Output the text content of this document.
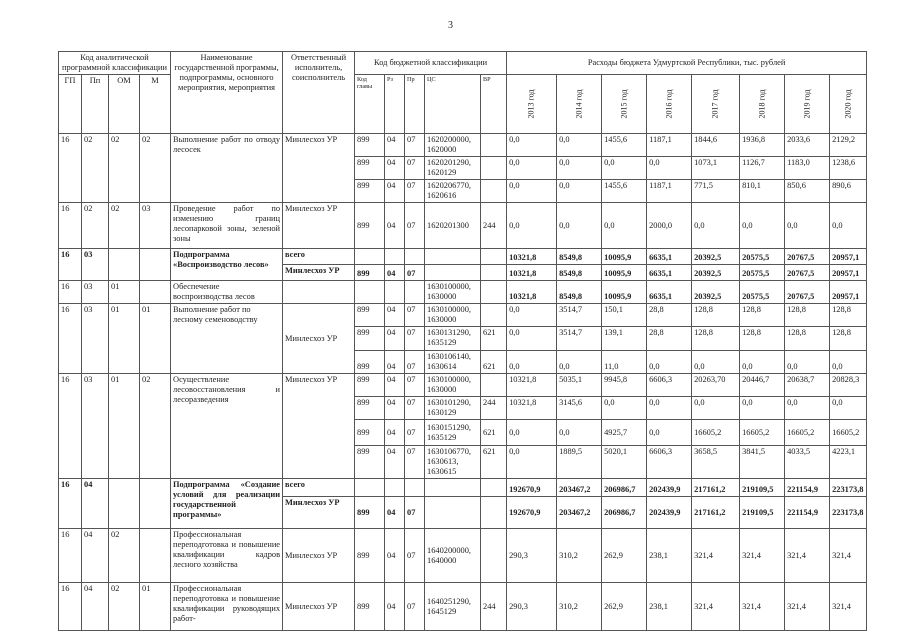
3
Код аналитической программной классификации				Наименование государственной программы, подпрограммы, основного мероприятия, мероприятия	Ответственный исполнитель, соисполнитель	Код бюджетной классификации					Расходы бюджета Удмуртской Республики, тыс. рублей							
ГП	Пп	ОМ	М			Код главы	Рз	Пр	ЦС	ВР	2013 год	2014 год	2015 год	2016 год	2017 год	2018 год	2019 год	2020 год
16	02	02	02	Выполнение работ по отводу лесосек	Минлесхоз УР	899	04	07	1620200000, 1620000		0,0	0,0	1455,6	1187,1	1844,6	1936,8	2033,6	2129,2
						899	04	07	1620201290, 1620129		0,0	0,0	0,0	0,0	1073,1	1126,7	1183,0	1238,6
						899	04	07	1620206770, 1620616		0,0	0,0	1455,6	1187,1	771,5	810,1	850,6	890,6
16	02	02	03	Проведение работ по изменению границ лесопарковой зоны, зеленой зоны	Минлесхоз УР	899	04	07	1620201300	244	0,0	0,0	0,0	2000,0	0,0	0,0	0,0	0,0
16	03			Подпрограмма «Воспроизводство лесов»	всего						10321,8	8549,8	10095,9	6635,1	20392,5	20575,5	20767,5	20957,1
					Минлесхоз УР	899	04	07			10321,8	8549,8	10095,9	6635,1	20392,5	20575,5	20767,5	20957,1
16	03	01		Обеспечение воспроизводства лесов					1630100000, 1630000		10321,8	8549,8	10095,9	6635,1	20392,5	20575,5	20767,5	20957,1
16	03	01	01	Выполнение работ по лесному семеноводству	Минлесхоз УР	899	04	07	1630100000, 1630000		0,0	3514,7	150,1	28,8	128,8	128,8	128,8	128,8
						899	04	07	1630131290, 1635129	621	0,0	3514,7	139,1	28,8	128,8	128,8	128,8	128,8
						899	04	07	1630106140, 1630614	621	0,0	0,0	11,0	0,0	0,0	0,0	0,0	0,0
16	03	01	02	Осуществление лесовосстановления и лесоразведения	Минлесхоз УР	899	04	07	1630100000, 1630000		10321,8	5035,1	9945,8	6606,3	20263,70	20446,7	20638,7	20828,3
						899	04	07	1630101290, 1630129	244	10321,8	3145,6	0,0	0,0	0,0	0,0	0,0	0,0
						899	04	07	1630151290, 1635129	621	0,0	0,0	4925,7	0,0	16605,2	16605,2	16605,2	16605,2
						899	04	07	1630106770, 1630613, 1630615	621	0,0	1889,5	5020,1	6606,3	3658,5	3841,5	4033,5	4223,1
16	04			Подпрограмма «Создание условий для реализации государственной программы»	всего						192670,9	203467,2	206986,7	202439,9	217161,2	219109,5	221154,9	223173,8
					Минлесхоз УР	899	04	07			192670,9	203467,2	206986,7	202439,9	217161,2	219109,5	221154,9	223173,8
16	04	02		Профессиональная переподготовка и повышение квалификации кадров лесного хозяйства	Минлесхоз УР	899	04	07	1640200000, 1640000		290,3	310,2	262,9	238,1	321,4	321,4	321,4	321,4
16	04	02	01	Профессиональная переподготовка и повышение квалификации руководящих работ-	Минлесхоз УР	899	04	07	1640251290, 1645129	244	290,3	310,2	262,9	238,1	321,4	321,4	321,4	321,4
